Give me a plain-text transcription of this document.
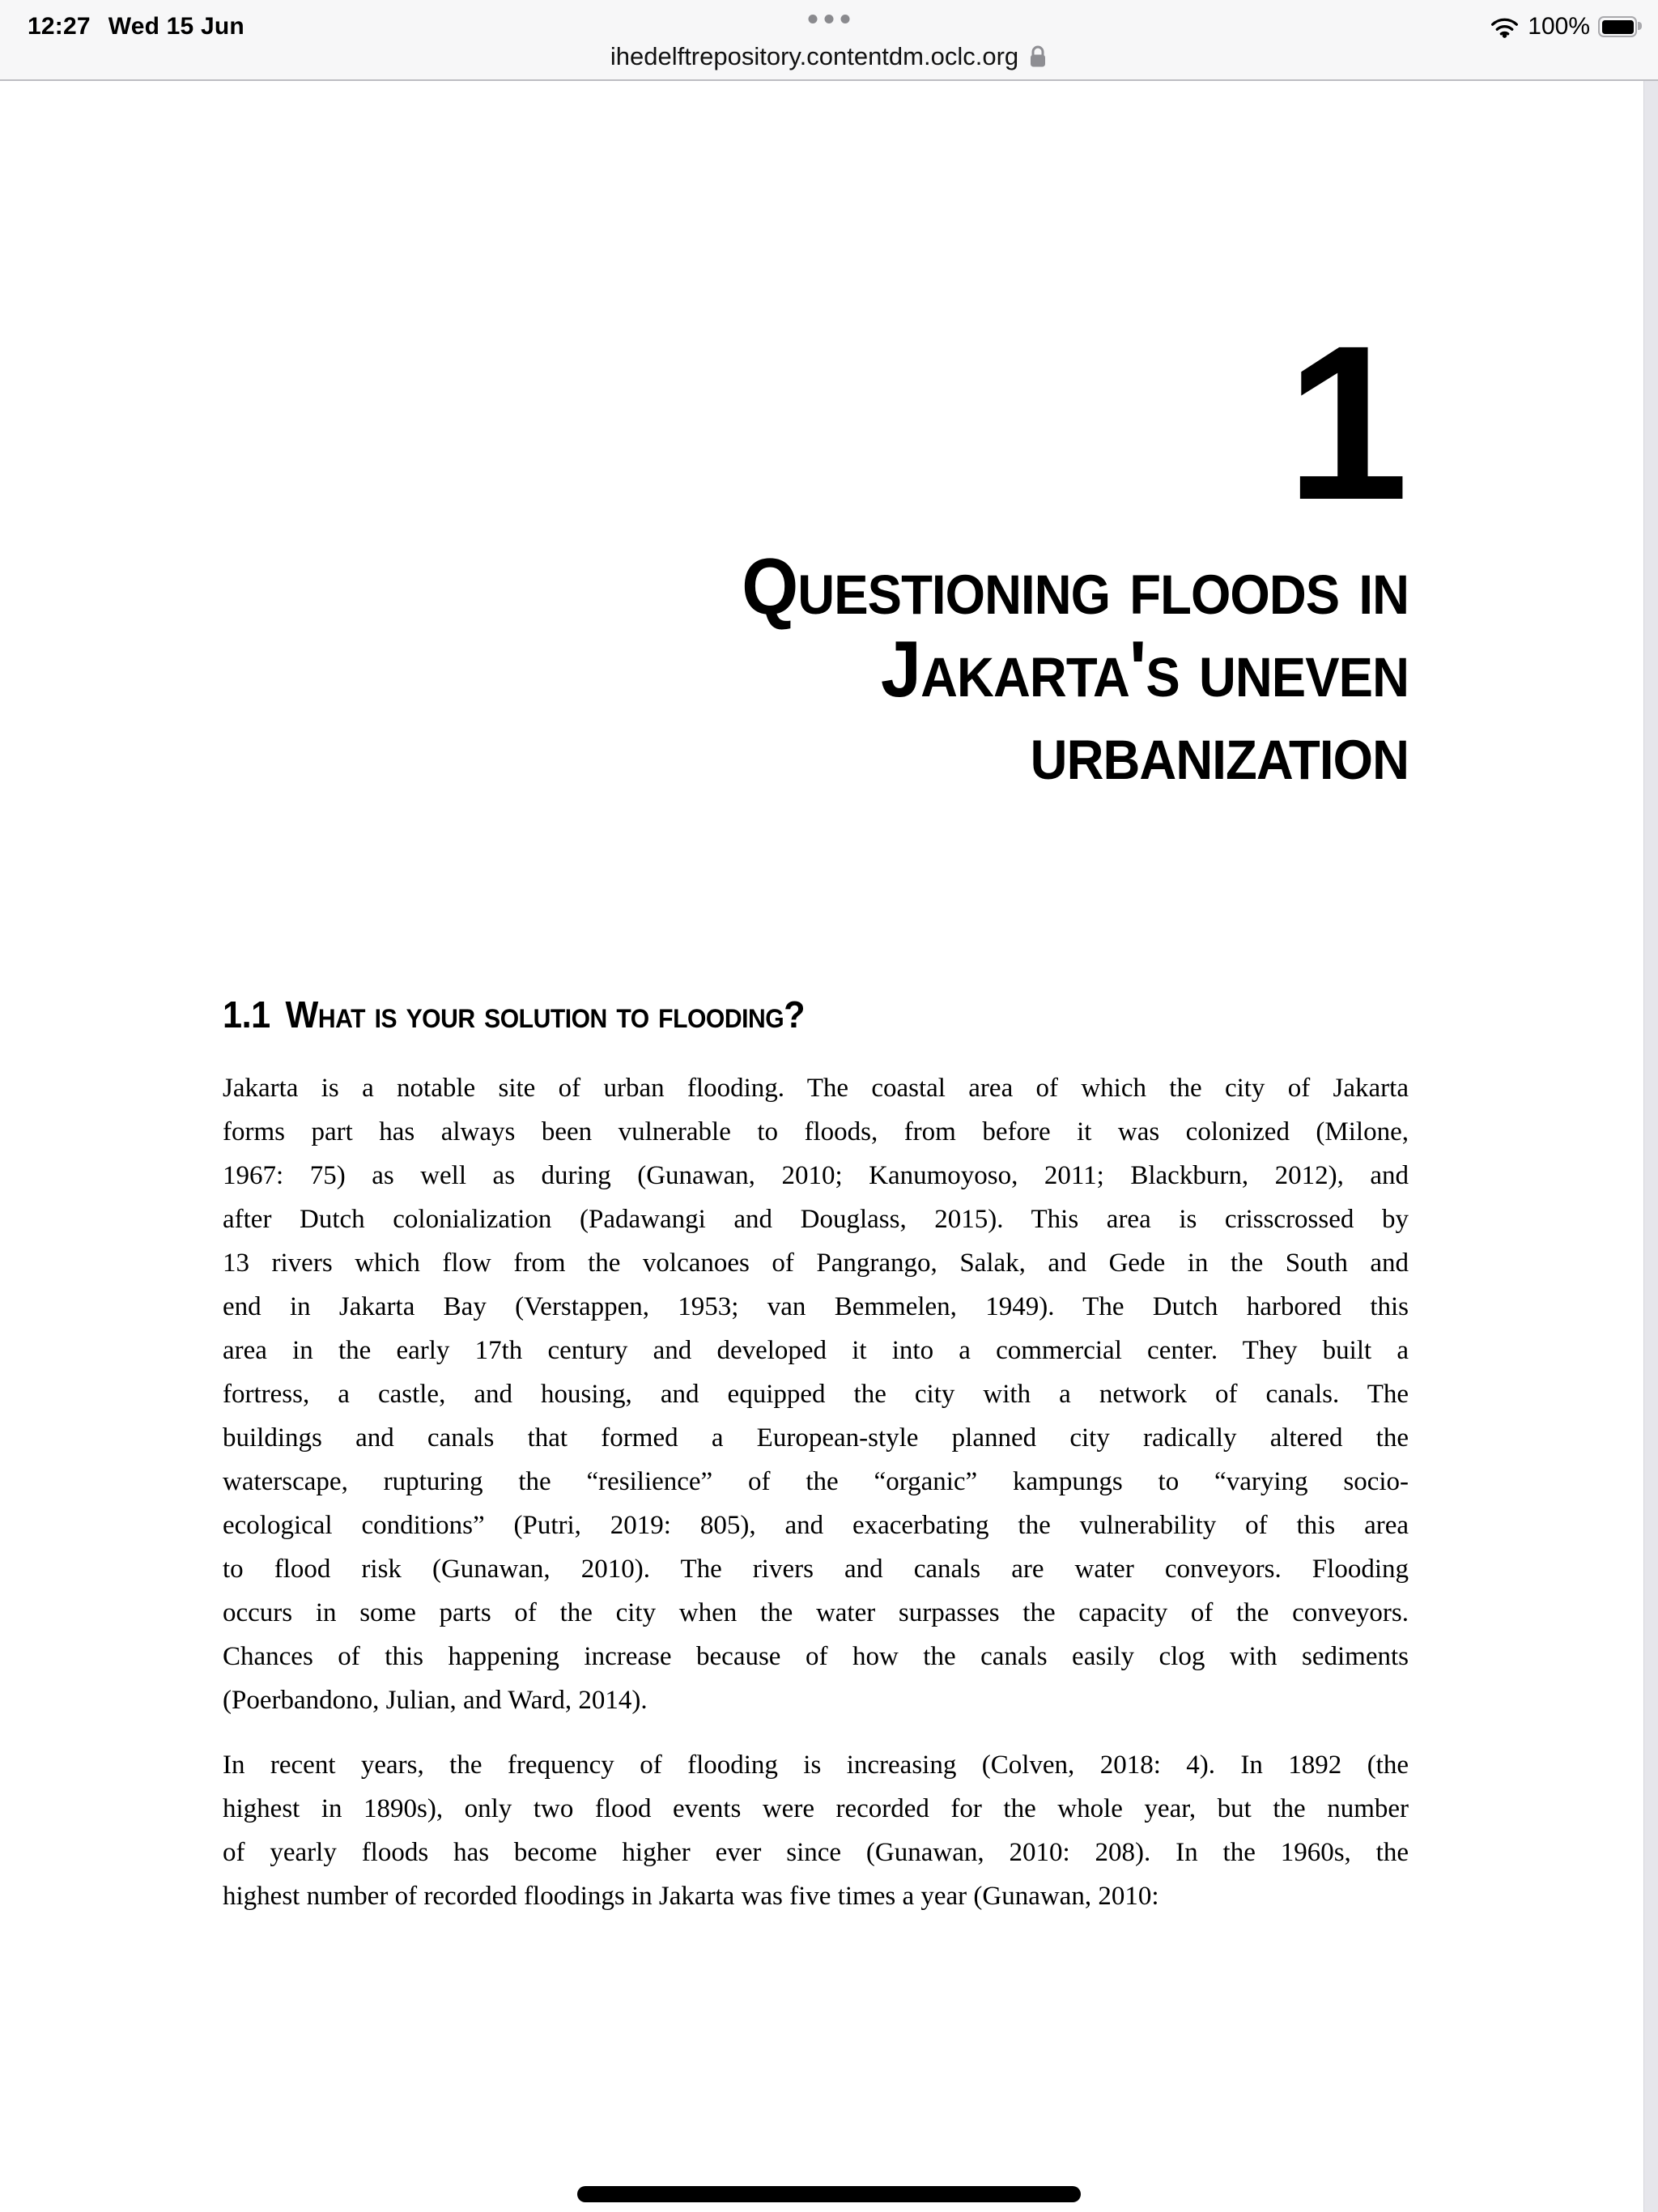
12:27 Wed 15 Jun	100%
ihedelftrepository.contentdm.oclc.org
1
Questioning floods in
Jakarta's uneven
urbanization
1.1 What is your solution to flooding?
Jakarta is a notable site of urban flooding. The coastal area of which the city of Jakarta
forms part has always been vulnerable to floods, from before it was colonized (Milone,
1967: 75) as well as during (Gunawan, 2010; Kanumoyoso, 2011; Blackburn, 2012), and
after Dutch colonialization (Padawangi and Douglass, 2015). This area is crisscrossed by
13 rivers which flow from the volcanoes of Pangrango, Salak, and Gede in the South and
end in Jakarta Bay (Verstappen, 1953; van Bemmelen, 1949). The Dutch harbored this
area in the early 17th century and developed it into a commercial center. They built a
fortress, a castle, and housing, and equipped the city with a network of canals. The
buildings and canals that formed a European-style planned city radically altered the
waterscape, rupturing the “resilience” of the “organic” kampungs to “varying socio-
ecological conditions” (Putri, 2019: 805), and exacerbating the vulnerability of this area
to flood risk (Gunawan, 2010). The rivers and canals are water conveyors. Flooding
occurs in some parts of the city when the water surpasses the capacity of the conveyors.
Chances of this happening increase because of how the canals easily clog with sediments
(Poerbandono, Julian, and Ward, 2014).
In recent years, the frequency of flooding is increasing (Colven, 2018: 4). In 1892 (the
highest in 1890s), only two flood events were recorded for the whole year, but the number
of yearly floods has become higher ever since (Gunawan, 2010: 208). In the 1960s, the
highest number of recorded floodings in Jakarta was five times a year (Gunawan, 2010:
